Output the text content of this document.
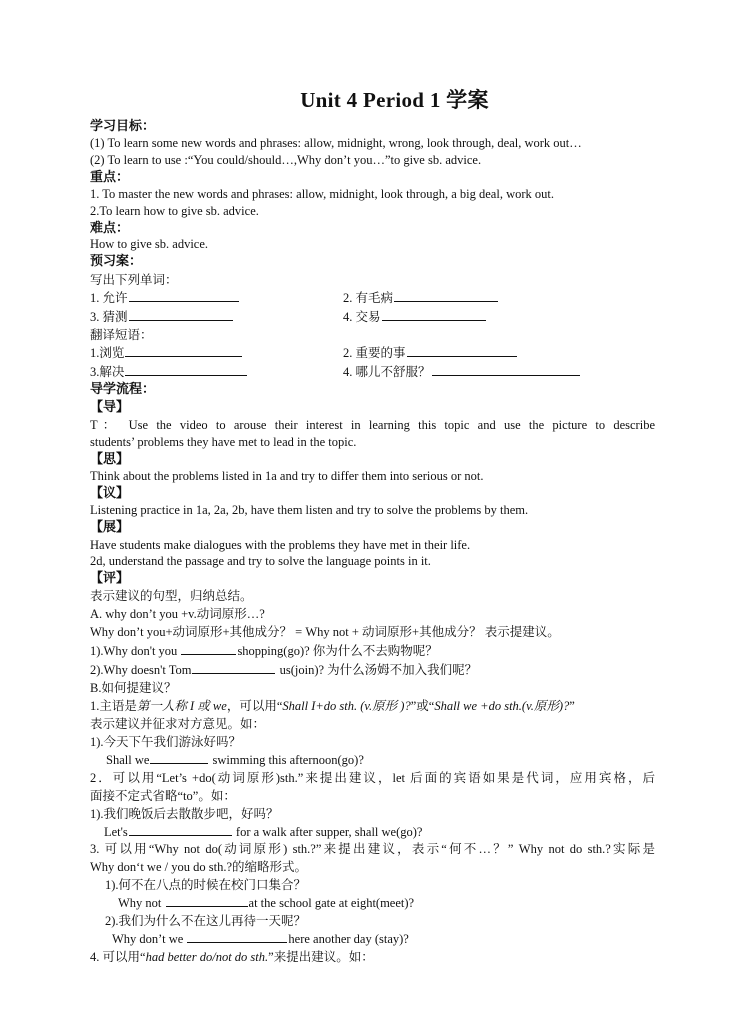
Unit 4 Period 1 学案
学习目标：
(1) To learn some new words and phrases: allow, midnight, wrong, look through, deal, work out…
(2) To learn to use :“You could/should…,Why don’t you…”to give sb. advice.
重点：
1. To master the new words and phrases: allow, midnight, look through, a big deal, work out.
2.To learn how to give sb. advice.
难点：
How to give sb. advice.
预习案：
写出下列单词：
1. 允许	2. 有毛病
3. 猜测	4. 交易
翻译短语：
1.浏览	2. 重要的事
3.解决	4. 哪儿不舒服？
导学流程：
【导】
T： Use the video to arouse their interest in learning this topic and use the picture to describe
students’ problems they have met to lead in the topic.
【思】
Think about the problems listed in 1a and try to differ them into serious or not.
【议】
Listening practice in 1a, 2a, 2b, have them listen and try to solve the problems by them.
【展】
Have students make dialogues with the problems they have met in their life.
2d, understand the passage and try to solve the language points in it.
【评】
表示建议的句型，归纳总结。
A. why don’t you +v.动词原形…?
Why don’t you+动词原形+其他成分？ = Why not + 动词原形+其他成分？ 表示提建议。
1).Why don't you	shopping(go)? 你为什么不去购物呢？
2).Why doesn't Tom	us(join)? 为什么汤姆不加入我们呢？
B.如何提建议？
1.主语是第一人称 I 或 we，可以用“Shall I+do sth. (v.原形 )?”或“Shall we +do sth.(v.原形)?”
表示建议并征求对方意见。如：
1).今天下午我们游泳好吗？
Shall we	swimming this afternoon(go)?
2．可以用“Let’s +do(动词原形)sth.”来提出建议，let 后面的宾语如果是代词，应用宾格，后
面接不定式省略“to”。如：
1).我们晚饭后去散散步吧，好吗？
Let's	for a walk after supper, shall we(go)?
3. 可以用“Why not do(动词原形) sth.?”来提出建议，表示“何不…？” Why not do sth.?实际是
Why don‘t we / you do sth.?的缩略形式。
1).何不在八点的时候在校门口集合？
Why not	at the school gate at eight(meet)?
2).我们为什么不在这儿再待一天呢？
Why don’t we	here another day (stay)?
4. 可以用“had better do/not do sth.”来提出建议。如：
